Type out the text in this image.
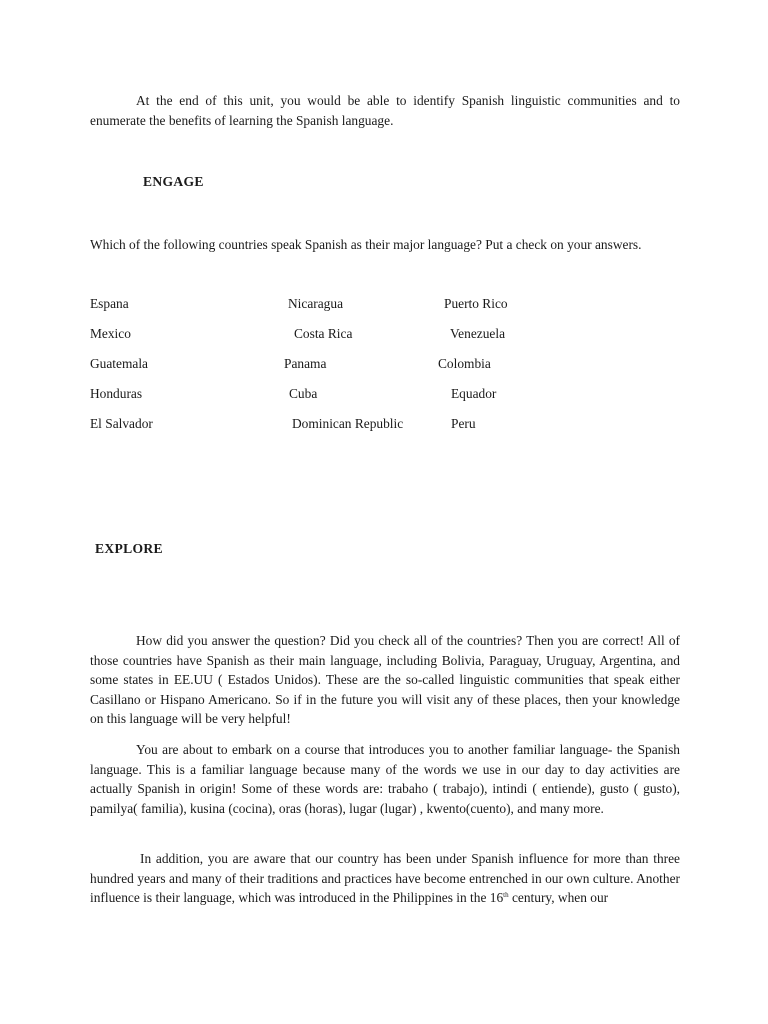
At the end of this unit, you would be able to identify Spanish linguistic communities and to enumerate the benefits of learning the Spanish language.

ENGAGE

Which of the following countries speak Spanish as their major language? Put a check on your answers.

Espana	Nicaragua	Puerto Rico
Mexico	Costa Rica	Venezuela
Guatemala	Panama	Colombia
Honduras	Cuba	Equador
El Salvador	Dominican Republic	Peru

EXPLORE

How did you answer the question? Did you check all of the countries? Then you are correct! All of those countries have Spanish as their main language, including Bolivia, Paraguay, Uruguay, Argentina, and some states in EE.UU ( Estados Unidos). These are the so-called linguistic communities that speak either Casillano or Hispano Americano. So if in the future you will visit any of these places, then your knowledge on this language will be very helpful!

You are about to embark on a course that introduces you to another familiar language- the Spanish language. This is a familiar language because many of the words we use in our day to day activities are actually Spanish in origin! Some of these words are: trabaho ( trabajo), intindi ( entiende), gusto ( gusto), pamilya( familia), kusina (cocina), oras (horas), lugar (lugar) , kwento(cuento), and many more.

In addition, you are aware that our country has been under Spanish influence for more than three hundred years and many of their traditions and practices have become entrenched in our own culture. Another influence is their language, which was introduced in the Philippines in the 16th century, when our
